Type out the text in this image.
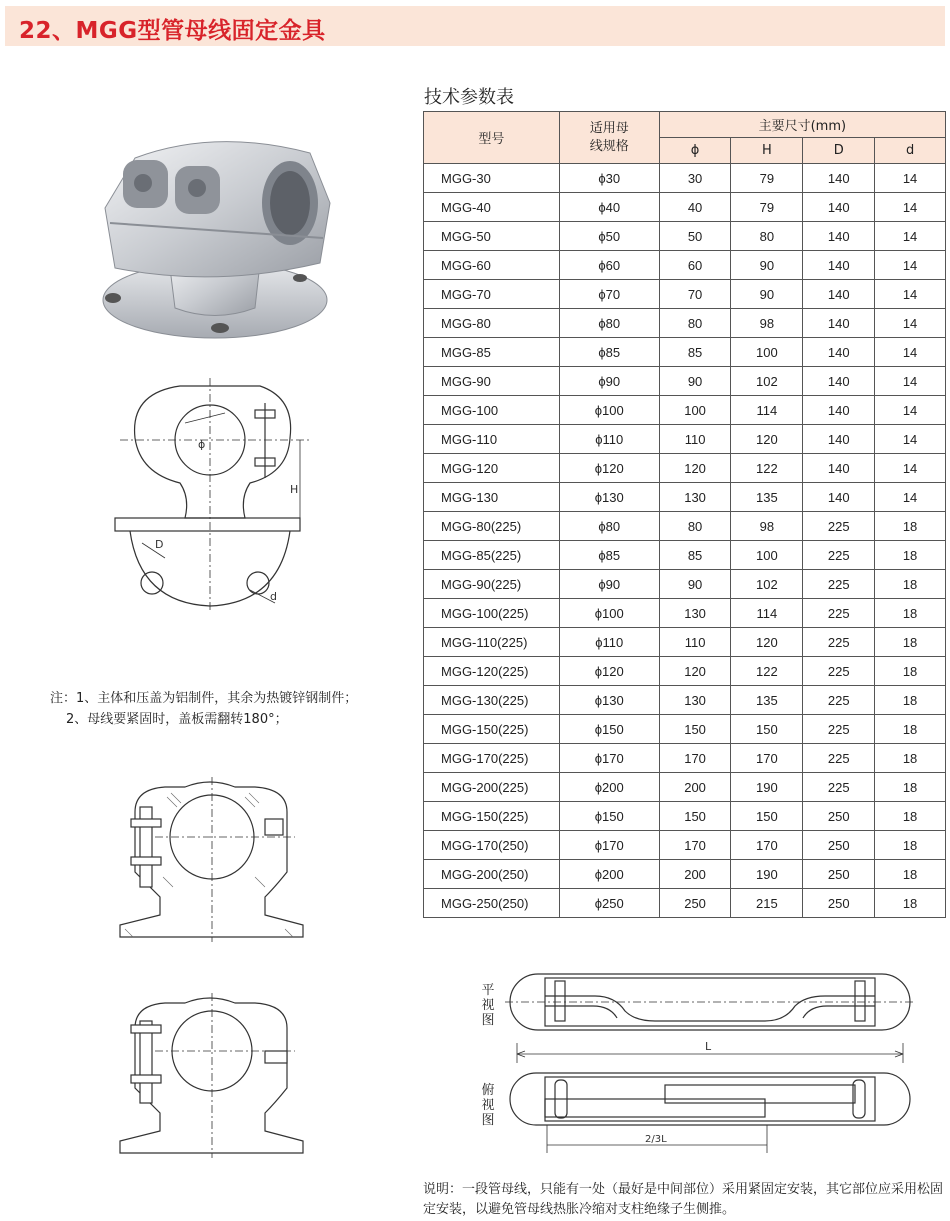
22、MGG型管母线固定金具
ϕ
H
D
d
技术参数表
型号	适用母线规格	主要尺寸(mm)			
		ϕ	H	D	d
MGG-30	ϕ30	30	79	140	14
MGG-40	ϕ40	40	79	140	14
MGG-50	ϕ50	50	80	140	14
MGG-60	ϕ60	60	90	140	14
MGG-70	ϕ70	70	90	140	14
MGG-80	ϕ80	80	98	140	14
MGG-85	ϕ85	85	100	140	14
MGG-90	ϕ90	90	102	140	14
MGG-100	ϕ100	100	114	140	14
MGG-110	ϕ110	110	120	140	14
MGG-120	ϕ120	120	122	140	14
MGG-130	ϕ130	130	135	140	14
MGG-80(225)	ϕ80	80	98	225	18
MGG-85(225)	ϕ85	85	100	225	18
MGG-90(225)	ϕ90	90	102	225	18
MGG-100(225)	ϕ100	130	114	225	18
MGG-110(225)	ϕ110	110	120	225	18
MGG-120(225)	ϕ120	120	122	225	18
MGG-130(225)	ϕ130	130	135	225	18
MGG-150(225)	ϕ150	150	150	225	18
MGG-170(225)	ϕ170	170	170	225	18
MGG-200(225)	ϕ200	200	190	225	18
MGG-150(225)	ϕ150	150	150	250	18
MGG-170(250)	ϕ170	170	170	250	18
MGG-200(250)	ϕ200	200	190	250	18
MGG-250(250)	ϕ250	250	215	250	18
注：1、主体和压盖为铝制件，其余为热镀锌钢制件；
2、母线要紧固时，盖板需翻转180°；
平视图
俯视图
L
2/3L
说明：一段管母线，只能有一处（最好是中间部位）采用紧固定安装，其它部位应采用松固定安装，以避免管母线热胀冷缩对支柱绝缘子生侧推。
